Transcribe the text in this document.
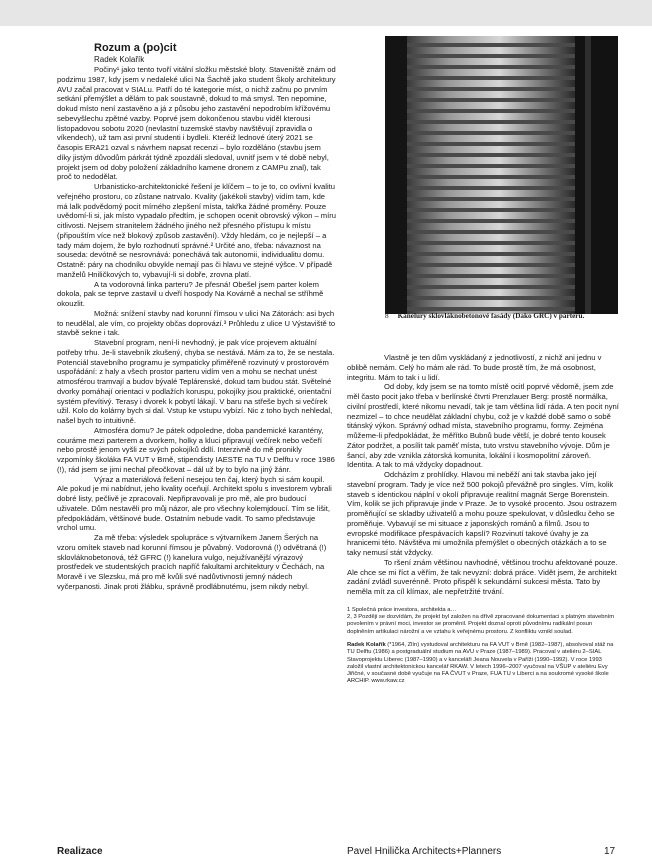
Rozum a (po)cit

Radek Kolařík

Počiny¹ jako tento tvoří vitální složku městské bloty. Staveniště znám od podzimu 1987, kdy jsem v nedaleké ulici Na Šachtě jako student Školy architektury AVU začal pracovat v SIALu. Patří do té kategorie míst, o nichž začnu po prvním setkání přemýšlet a dělám to pak soustavně, dokud to má smysl. Ten nepomine, dokud místo není zastavěno a já z působu jeho zastavění nepodrobím křížovému sebevyšlechu zpětné vazby. Poprvé jsem dokončenou stavbu viděl kterousi listopadovou sobotu 2020 (nevlastní tuzemské stavby navštěvují zpravidla o víkendech), už tam asi první studenti i bydleli. Kteréiž lednové úterý 2021 se časopis ERA21 ozval s návrhem napsat recenzi – bylo rozděláno (stavbu jsem díky jistým důvodům párkrát týdně zpozdáli sledoval, uvnitř jsem v té době nebyl, projekt jsem od doby položení základního kamene dronem z CAMPu znal), tak proč to nedodělat.

Urbanisticko-architektonické řešení je klíčem – to je to, co ovlivní kvalitu veřejného prostoru, co zůstane natrvalo. Kvality (jakékoli stavby) vidím tam, kde má lalk podvědomý pocit mírného zlepšení místa, takřka žádné proměny. Pouze uvědomí-li si, jak místo vypadalo předtím, je schopen ocenit obrovský výkon – míru citlivosti. Nejsem stranitelem žádného jiného než přesného přístupu k místu (připouštím více než blokový způsob zastavění). Vždy hledám, co je nejlepší – a tady mám dojem, že bylo rozhodnutí správné.² Určité ano, třeba: návaznost na souseda: devótně se nesrovnává: ponechává tak autonomii, individualitu domu. Ostatně: páry na chodníku obvykle nemají pas či hlavu ve stejné výšce. V případě manželů Hniličkových to, vybavují-li si dobře, zrovna platí.

A ta vodorovná linka parteru? Je přesná! Obešel jsem parter kolem dokola, pak se teprve zastavil u dveří hospody Na Kovárně a nechal se stříhmě okouzlit.

Možná: snížení stavby nad korunní římsou v ulici Na Zátorách: asi bych to neudělal, ale vím, co projekty občas doprovází.³ Průhledu z ulice U Výstaviště to stavbě sekne i tak.

Stavební program, není-li nevhodný, je pak více projevem aktuální potřeby trhu. Je-li stavebník zkušený, chyba se nestává. Mám za to, že se nestala. Potenciál stavebního programu je sympaticky přiměřeně rozvinutý v prostorovém uspořádání: z haly a všech prostor parteru vidím ven a mohu se nechat unést atmosférou tramvají a budov bývalé Teplárenské, dokud tam budou stát. Světelné dvorky pomáhají orientaci v podlažích koruspu, pokojíky jsou praktické, orientační systém převítivý. Terasy i dvorek k pobytí lákají. V baru na střeše bych si večírek užil. Kolo do kolárny bych si dal. Vstup ke vstupu vybízí. Nic z toho bych nehledal, našel bych to intuitivně.

Atmosféra domu? Je pátek odpoledne, doba pandemické karantény, couráme mezi parterem a dvorkem, holky a kluci připravují večírek nebo večeří nebo prostě jenom vyšli ze svých pokojíků ddlí. Interzivně do mě pronikly vzpomínky školáka FA VUT v Brně, stipendisty IAESTE na TU v Delftu v roce 1986 (!), rád jsem se jimi nechal přeočkovat – dál už by to bylo na jiný žánr.

Výraz a materiálová řešení nesejou ten čaj, který bych si sám koupil. Ale pokud je mi nabídnut, jeho kvality oceňují. Architekt spolu s investorem vybrali dobré listy, pečlivě je zpracovali. Nepřipravovali je pro mě, ale pro budoucí uživatele. Dům nestavěli pro můj názor, ale pro všechny kolemjdoucí. Tím se lišit, předpokládám, většinové bude. Ostatním nebude vadit. To samo představuje vrchol umu.

Za mě třeba: výsledek spolupráce s výtvarníkem Janem Šerých na vzoru omítek staveb nad korunní římsou je půvabný. Vodorovná (!) odvětraná (!) sklovláknobetonová, též GFRC (!) kanelura vulgo, nejužívanější výrazový prostředek ve studentských pracích napříč fakultami architektury v Čechách, na Moravě i ve Slezsku, má pro mě kvůli své nadůvtivnosti jemný nádech vyčerpanosti. Jinak proti žlábku, správně prodlábnutému, jsem nikdy nebyl.

8 Kanelury sklovláknobetonové fasády (Dako GRC) v parteru.

Vlastně je ten dům vyskládaný z jednotlivostí, z nichž ani jednu v oblibě nemám. Celý ho mám ale rád. To bude prostě tím, že má osobnost, integritu. Mám to tak i u lidí.

Od doby, kdy jsem se na tomto místě ocitl poprvé vědomě, jsem zde měl často pocit jako třeba v berlínské čtvrti Prenzlauer Berg: prostě normálka, civilní prostředí, které nikomu nevadí, tak je tam většina lidí ráda. A ten pocit nyní nezmizel – to chce neudělat základní chybu, což je v každé době samo o sobě titánský výkon. Správný odhad místa, stavebního programu, formy. Zejména můžeme-li předpokládat, že měřítko Bubnů bude větší, je dobré tento kousek Zátor podržet, a posílit tak paměť místa, tuto vrstvu stavebního vývoje. Dům je šancí, aby zde vznikla zátorská komunita, lokální i kosmopolitní zároveň. Identita. A tak to má vždycky dopadnout.

Odcházím z prohlídky. Hlavou mi neběží ani tak stavba jako její stavební program. Tady je více než 500 pokojů převážně pro singles. Vím, kolik staveb s identickou náplní v okolí připravuje realitní magnát Serge Borenstein. Vím, kolik se jich připravuje jinde v Praze. Je to vysoké procento. Jsou ostrazem proměňující se skladby uživatelů a mohu pouze spekulovat, v důsledku čeho se proměňuje. Vybavují se mi situace z japonských románů a filmů. Jsou to evropské modifikace přespávacích kapslí? Rozvinutí takové úvahy je za hranicemi této. Návštěva mi umožnila přemýšlet o obecných otázkách a to se taky nemusí stát vždycky.

To ršení znám většinou navhodné, většinou trochu afektované pouze. Ale chce se mi říct a věřím, že tak nevyzní: dobrá práce. Vidět jsem, že architekt zadání zvládl suverénně. Proto přispěl k sekundární sukcesi města. Tato by neměla mít za cíl klímax, ale nepřetržité trvání.

1 Společná práce investora, architekta a…

2, 3 Později se dozvídám, že projekt byl založen na dřívě zpracované dokumentaci s platným stavebním povolením v právní moci, investor se proměnil. Projekt doznal oproti původnímu radikální posun doplněním artikulaci nárožní a ve vztahu k veřejnému prostoru. Z konfliktu vznikl soulad.

Radek Kolařík (*1964, Zlín) vystudoval architekturu na FA VUT v Brně (1982–1987), absolvoval stáž na TU Delftu (1986) a postgraduální studium na AVU v Praze (1987–1989). Pracoval v ateliéru 2–SIAL Stavoprojektu Liberec (1987–1990) a v kanceláři Jeana Nouvela v Paříži (1990–1992). V roce 1993 založil vlastní architektonickou kancelář RKAW. V letech 1996–2007 vyučoval na VŠUP v ateliéru Evy Jiřičné, v současné době vyučuje na FA ČVUT v Praze, FUA TU v Liberci a na soukromé vysoké škole ARCHIP. www.rkaw.cz

Realizace	Pavel Hnilička Architects+Planners	17
